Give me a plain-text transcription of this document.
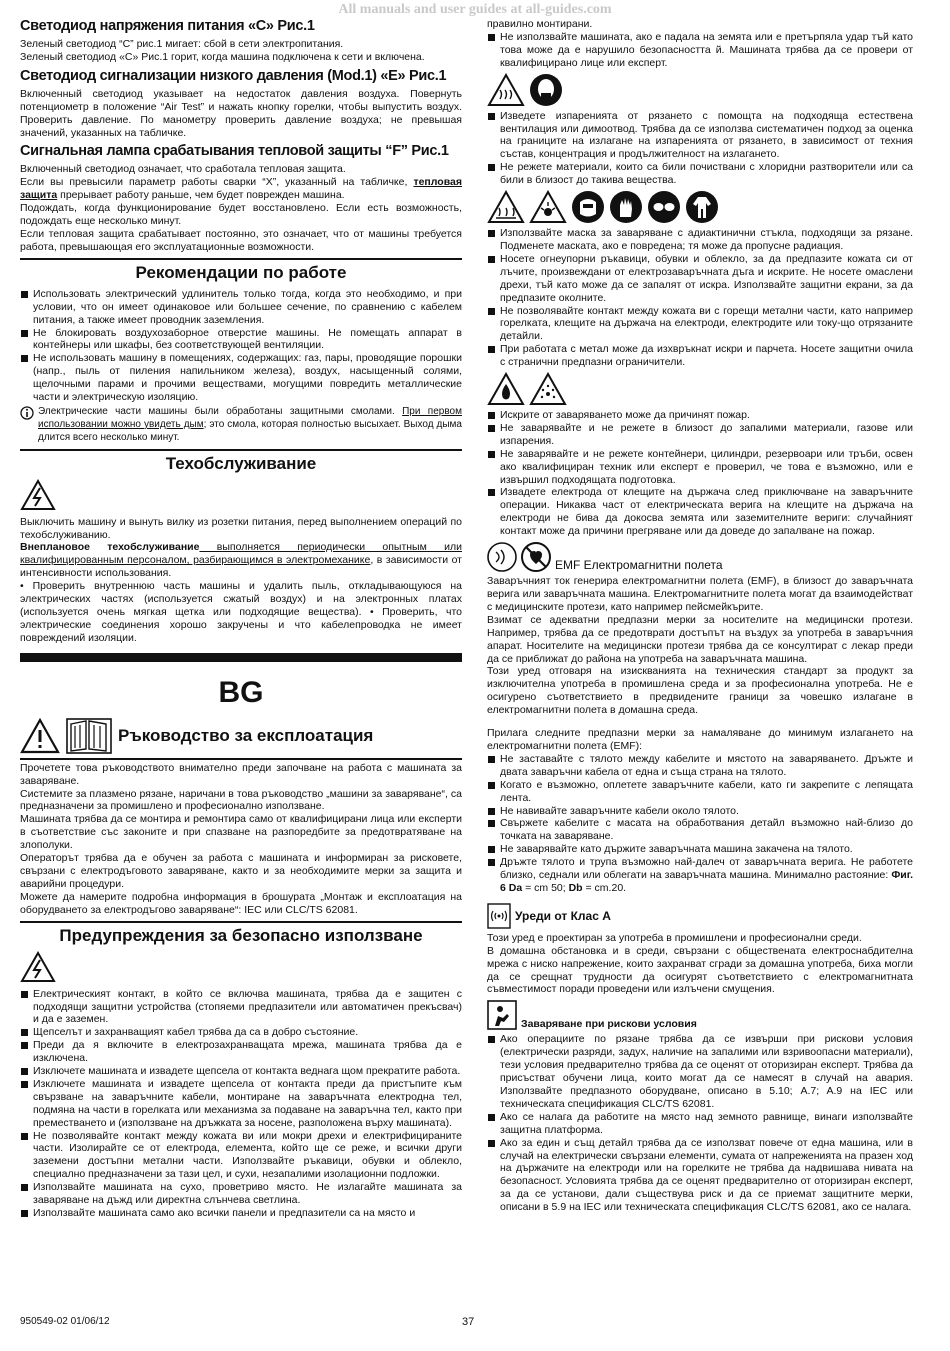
All manuals and user guides at all-guides.com
Светодиод напряжения питания «C» Рис.1

Зеленый светодиод “С” рис.1 мигает: сбой в сети электропитания.

Зеленый светодиод «C» Рис.1 горит, когда машина подключена к сети и включена.

Светодиод сигнализации низкого давления (Mod.1) «E» Рис.1

Включенный светодиод указывает на недостаток давления воздуха. Повернуть потенциометр в положение “Air Test” и нажать кнопку горелки, чтобы выпустить воздух. Проверить давление. По манометру проверить давление воздуха; не превышая значений, указанных на табличке.

Сигнальная лампа срабатывания тепловой защиты “F” Рис.1

Включенный светодиод означает, что сработала тепловая защита.

Если вы превысили параметр работы сварки “X”, указанный на табличке, тепловая защита прерывает работу раньше, чем будет поврежден машина.

Подождать, когда функционирование будет восстановлено. Если есть возможность, подождать еще несколько минут.

Если тепловая защита срабатывает постоянно, это означает, что от машины требуется работа, превышающая его эксплуатационные возможности.

Рекомендации по работе
Использовать электрический удлинитель только тогда, когда это необходимо, и при условии, что он имеет одинаковое или большее сечение, по сравнению с кабелем питания, а также имеет проводник заземления.
Не блокировать воздухозаборное отверстие машины. Не помещать аппарат в контейнеры или шкафы, без соответствующей вентиляции.
Не использовать машину в помещениях, содержащих: газ, пары, проводящие порошки (напр., пыль от пиления напильником железа), воздух, насыщенный солями, щелочными парами и прочими веществами, могущими повредить металлические части и электрическую изоляцию.

Электрические части машины были обработаны защитными смолами. При первом использовании можно увидеть дым; это смола, которая полностью высыхает. Выход дыма длится всего несколько минут.

Техобслуживание

Выключить машину и вынуть вилку из розетки питания, перед выполнением операций по техобслуживанию.

Внеплановое техобслуживание выполняется периодически опытным или квалифицированным персоналом, разбирающимся в электромеханике, в зависимости от интенсивности использования.

• Проверить внутреннюю часть машины и удалить пыль, откладывающуюся на электрических частях (используется сжатый воздух) и на электронных платах (используется очень мягкая щетка или подходящие вещества). • Проверить, что электрические соединения хорошо закручены и что кабелепроводка не имеет повреждений изоляции.

BG
Ръководство за експлоатация

Прочетете това ръководството внимателно преди започване на работа с машината за заваряване.

Системите за плазмено рязане, наричани в това ръководство „машини за заваряване“, са предназначени за промишлено и професионално използване.

Машината трябва да се монтира и ремонтира само от квалифицирани лица или експерти в съответствие със законите и при спазване на разпоредбите за предотвратяване на злополуки.

Операторът трябва да е обучен за работа с машината и информиран за рисковете, свързани с електродъговото заваряване, както и за необходимите мерки за защита и аварийни процедури.

Можете да намерите подробна информация в брошурата „Монтаж и експлоатация на оборудването за електродъгово заваряване“: IEC или CLC/TS 62081.

Предупреждения за безопасно използване
Електрическият контакт, в който се включва машината, трябва да е защитен с подходящи защитни устройства (стопяеми предпазители или автоматичен прекъсвач) и да е заземен.
Щепселът и захранващият кабел трябва да са в добро състояние.
Преди да я включите в електрозахранващата мрежа, машината трябва да е изключена.
Изключете машината и извадете щепсела от контакта веднага щом прекратите работа.
Изключете машината и извадете щепсела от контакта преди да пристъпите към свързване на заваръчните кабели, монтиране на заваръчната електродна тел, подмяна на части в горелката или механизма за подаване на заваръчна тел, както при преместването и (използване на дръжката за носене, разположена върху машината).
Не позволявайте контакт между кожата ви или мокри дрехи и електрифицираните части. Изолирайте се от електрода, елемента, който ще се реже, и всички други заземени достъпни метални части. Използвайте ръкавици, обувки и облекло, специално предназначени за тази цел, и сухи, незапалими изолационни подложки.
Използвайте машината на сухо, проветриво място. Не излагайте машината за заваряване на дъжд или директна слънчева светлина.
Използвайте машината само ако всички панели и предпазители са на място и

правилно монтирани.

Не използвайте машината, ако е падала на земята или е претърпяла удар тъй като това може да е нарушило безопасността й. Машината трябва да се провери от квалифицирано лице или експерт.
Изведете изпаренията от рязането с помощта на подходяща естествена вентилация или димоотвод. Трябва да се използва систематичен подход за оценка на границите на излагане на изпаренията от рязането, в зависимост от техния състав, концентрация и продължителност на излагането.
Не режете материали, които са били почиствани с хлоридни разтворители или са били в близост до такива вещества.
Използвайте маска за заваряване с адиактинични стъкла, подходящи за рязане. Подменете маската, ако е повредена; тя може да пропусне радиация.
Носете огнеупорни ръкавици, обувки и облекло, за да предпазите кожата си от лъчите, произвеждани от електрозаваръчната дъга и искрите. Не носете омаслени дрехи, тъй като може да се запалят от искра. Използвайте защитни екрани, за да предпазите околните.
Не позволявайте контакт между кожата ви с горещи метални части, като например горелката, клещите на държача на електроди, електродите или току-що отрязаните детайли.
При работата с метал може да изхвръкнат искри и парчета. Носете защитни очила с странични предпазни ограничители.
Искрите от заваряването може да причинят пожар.
Не заварявайте и не режете в близост до запалими материали, газове или изпарения.
Не заварявайте и не режете контейнери, цилиндри, резервоари или тръби, освен ако квалифициран техник или експерт е проверил, че това е възможно, или е извършил подходящата подготовка.
Извадете електрода от клещите на държача след приключване на заваръчните операции. Никаква част от електрическата верига на клещите на държача на електроди не бива да докосва земята или заземителните вериги: случайният контакт може да причини прегряване или да доведе до запалване на пожар.
EMF Електромагнитни полета

Заваръчният ток генерира електромагнитни полета (EMF), в близост до заваръчната верига или заваръчната машина. Електромагнитните полета могат да взаимодействат с медицинските протези, като например пейсмейкърите.

Взимат се адекватни предпазни мерки за носителите на медицински протези. Например, трябва да се предотврати достъпът на въздух за употреба в заваръчния апарат. Носителите на медицински протези трябва да се консултират с лекар преди да се приближат до района на употреба на заваръчната машина.

Този уред отговаря на изискванията на техническия стандарт за продукт за изключителна употреба в промишлена среда и за професионална употреба. Не е осигурено съответствието в предвидените граници за човешко излагане в електромагнитни полета в домашна среда.

Прилага следните предпазни мерки за намаляване до минимум излагането на електромагнитни полета (EMF):

Не заставайте с тялото между кабелите и мястото на заваряването. Дръжте и двата заваръчни кабела от една и съща страна на тялото.
Когато е възможно, оплетете заваръчните кабели, като ги закрепите с лепящата лента.
Не навивайте заваръчните кабели около тялото.
Свържете кабелите с масата на обработвания детайл възможно най-близо до точката на заваряване.
Не заварявайте като държите заваръчната машина закачена на тялото.
Дръжте тялото и трупа възможно най-далеч от заваръчната верига. Не работете близко, седнали или облегати на заваръчната машина. Минимално растояние: Фиг. 6 Da = cm 50; Db = cm.20.
Уреди от Клас А

Този уред е проектиран за употреба в промишлени и професионални среди.

В домашна обстановка и в среди, свързани с обществената електроснабдителна мрежа с ниско напрежение, които захранват сгради за домашна употреба, биха могли да се срещнат трудности да осигурят съответствието с електромагнитната съвместимост поради проведени или излъчени смущения.

Заваряване при рискови условия
Ако операциите по рязане трябва да се извърши при рискови условия (електрически разряди, задух, наличие на запалими или взривоопасни материали), тези условия предварително трябва да се оценят от оторизиран експерт. Трябва да присъстват обучени лица, които могат да се намесят в случай на авария. Използвайте предпазното оборудване, описано в 5.10; A.7; A.9 на IEC или техническата спецификация CLC/TS 62081.
Ако се налага да работите на място над земното равнище, винаги използвайте защитна платформа.
Ако за един и същ детайл трябва да се използват повече от една машина, или в случай на електрически свързани елементи, сумата от напреженията на празен ход на държачите на електроди или на горелките не трябва да надвишава нивата на безопасност. Условията трябва да се оценят предварително от оторизиран експерт, за да се установи, дали съществува риск и да се приемат защитните мерки, описани в 5.9 на IEC или техническата спецификация CLC/TS 62081, ако се налага.
950549-02 01/06/12	37
